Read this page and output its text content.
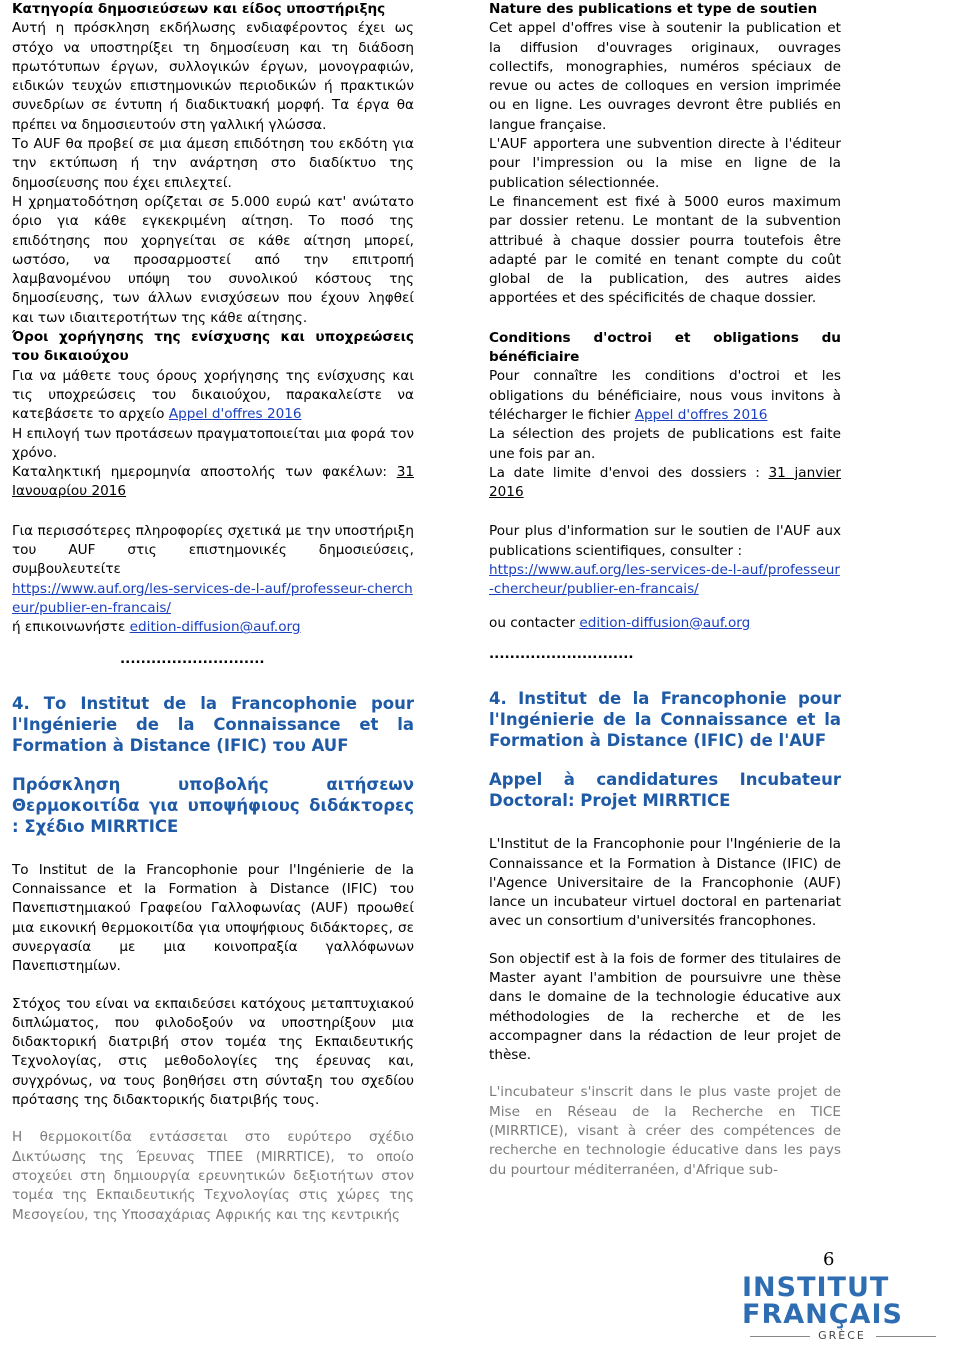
Κατηγορία δημοσιεύσεων και είδος υποστήριξης

Αυτή η πρόσκληση εκδήλωσης ενδιαφέροντος έχει ως στόχο να υποστηρίξει τη δημοσίευση και τη διάδοση πρωτότυπων έργων, συλλογικών έργων, μονογραφιών, ειδικών τευχών επιστημονικών περιοδικών ή πρακτικών συνεδρίων σε έντυπη ή διαδικτυακή μορφή. Τα έργα θα πρέπει να δημοσιευτούν στη γαλλική γλώσσα.

Το AUF θα προβεί σε μια άμεση επιδότηση του εκδότη για την εκτύπωση ή την ανάρτηση στο διαδίκτυο της δημοσίευσης που έχει επιλεχτεί.

Η χρηματοδότηση ορίζεται σε 5.000 ευρώ κατ' ανώτατο όριο για κάθε εγκεκριμένη αίτηση. Το ποσό της επιδότησης που χορηγείται σε κάθε αίτηση μπορεί, ωστόσο, να προσαρμοστεί από την επιτροπή λαμβανομένου υπόψη του συνολικού κόστους της δημοσίευσης, των άλλων ενισχύσεων που έχουν ληφθεί και των ιδιαιτεροτήτων της κάθε αίτησης.

Όροι χορήγησης της ενίσχυσης και υποχρεώσεις του δικαιούχου

Για να μάθετε τους όρους χορήγησης της ενίσχυσης και τις υποχρεώσεις του δικαιούχου, παρακαλείστε να κατεβάσετε το αρχείο Appel d'offres 2016

Η επιλογή των προτάσεων πραγματοποιείται μια φορά τον χρόνο.

Καταληκτική ημερομηνία αποστολής των φακέλων: 31 Ιανουαρίου 2016

Για περισσότερες πληροφορίες σχετικά με την υποστήριξη του AUF στις επιστημονικές δημοσιεύσεις, συμβουλευτείτε

https://www.auf.org/les-services-de-l-auf/professeur-chercheur/publier-en-francais/

ή επικοινωνήστε edition-diffusion@auf.org

............................

4. Το Institut de la Francophonie pour l'Ingénierie de la Connaissance et la Formation à Distance (IFIC) του AUF

Πρόσκληση υποβολής αιτήσεων Θερμοκοιτίδα για υποψήφιους διδάκτορες : Σχέδιο MIRRTICE

Το Institut de la Francophonie pour l'Ingénierie de la Connaissance et la Formation à Distance (IFIC) του Πανεπιστημιακού Γραφείου Γαλλοφωνίας (AUF) προωθεί μια εικονική θερμοκοιτίδα για υποψήφιους διδάκτορες, σε συνεργασία με μια κοινοπραξία γαλλόφωνων Πανεπιστημίων.

Στόχος του είναι να εκπαιδεύσει κατόχους μεταπτυχιακού διπλώματος, που φιλοδοξούν να υποστηρίξουν μια διδακτορική διατριβή στον τομέα της Εκπαιδευτικής Τεχνολογίας, στις μεθοδολογίες της έρευνας και, συγχρόνως, να τους βοηθήσει στη σύνταξη του σχεδίου πρότασης της διδακτορικής διατριβής τους.

Η θερμοκοιτίδα εντάσσεται στο ευρύτερο σχέδιο Δικτύωσης της Έρευνας ΤΠΕΕ (MIRRTICE), το οποίο στοχεύει στη δημιουργία ερευνητικών δεξιοτήτων στον τομέα της Εκπαιδευτικής Τεχνολογίας στις χώρες της Μεσογείου, της Υποσαχάριας Αφρικής και της κεντρικής

Nature des publications et type de soutien

Cet appel d'offres vise à soutenir la publication et la diffusion d'ouvrages originaux, ouvrages collectifs, monographies, numéros spéciaux de revue ou actes de colloques en version imprimée ou en ligne. Les ouvrages devront être publiés en langue française.

L'AUF apportera une subvention directe à l'éditeur pour l'impression ou la mise en ligne de la publication sélectionnée.

Le financement est fixé à 5000 euros maximum par dossier retenu. Le montant de la subvention attribué à chaque dossier pourra toutefois être adapté par le comité en tenant compte du coût global de la publication, des autres aides apportées et des spécificités de chaque dossier.

Conditions d'octroi et obligations du bénéficiaire

Pour connaître les conditions d'octroi et les obligations du bénéficiaire, nous vous invitons à télécharger le fichier Appel d'offres 2016

La sélection des projets de publications est faite une fois par an.

La date limite d'envoi des dossiers : 31 janvier 2016

Pour plus d'information sur le soutien de l'AUF aux publications scientifiques, consulter :

https://www.auf.org/les-services-de-l-auf/professeur-chercheur/publier-en-francais/

ou contacter edition-diffusion@auf.org

............................

4. Institut de la Francophonie pour l'Ingénierie de la Connaissance et la Formation à Distance (IFIC) de l'AUF

Appel à candidatures Incubateur Doctoral: Projet MIRRTICE

L'Institut de la Francophonie pour l'Ingénierie de la Connaissance et la Formation à Distance (IFIC) de l'Agence Universitaire de la Francophonie (AUF) lance un incubateur virtuel doctoral en partenariat avec un consortium d'universités francophones.

Son objectif est à la fois de former des titulaires de Master ayant l'ambition de poursuivre une thèse dans le domaine de la technologie éducative aux méthodologies de la recherche et de les accompagner dans la rédaction de leur projet de thèse.

L'incubateur s'inscrit dans le plus vaste projet de Mise en Réseau de la Recherche en TICE (MIRRTICE), visant à créer des compétences de recherche en technologie éducative dans les pays du pourtour méditerranéen, d'Afrique sub-

6
INSTITUT
FRANÇAIS
GRÈCE
